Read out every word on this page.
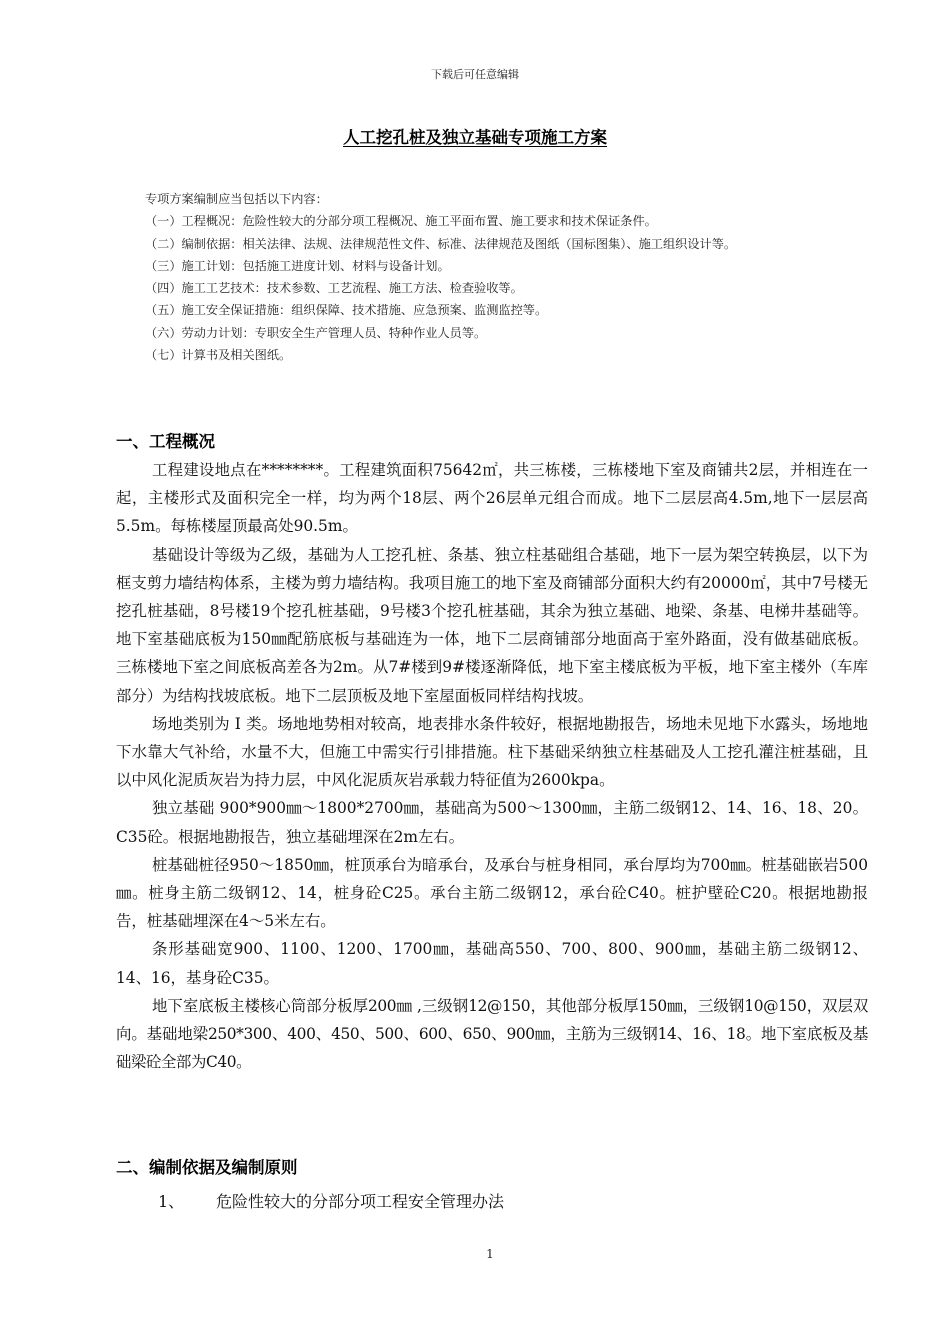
下载后可任意编辑
人工挖孔桩及独立基础专项施工方案
专项方案编制应当包括以下内容：
（一）工程概况：危险性较大的分部分项工程概况、施工平面布置、施工要求和技术保证条件。
（二）编制依据：相关法律、法规、法律规范性文件、标准、法律规范及图纸（国标图集）、施工组织设计等。
（三）施工计划：包括施工进度计划、材料与设备计划。
（四）施工工艺技术：技术参数、工艺流程、施工方法、检查验收等。
（五）施工安全保证措施：组织保障、技术措施、应急预案、监测监控等。
（六）劳动力计划：专职安全生产管理人员、特种作业人员等。
（七）计算书及相关图纸。
一、工程概况

工程建设地点在********。工程建筑面积75642㎡，共三栋楼，三栋楼地下室及商铺共2层，并相连在一起，主楼形式及面积完全一样，均为两个18层、两个26层单元组合而成。地下二层层高4.5m,地下一层层高5.5m。每栋楼屋顶最高处90.5m。

基础设计等级为乙级，基础为人工挖孔桩、条基、独立柱基础组合基础，地下一层为架空转换层，以下为框支剪力墙结构体系，主楼为剪力墙结构。我项目施工的地下室及商铺部分面积大约有20000㎡，其中7号楼无挖孔桩基础，8号楼19个挖孔桩基础，9号楼3个挖孔桩基础，其余为独立基础、地梁、条基、电梯井基础等。地下室基础底板为150㎜配筋底板与基础连为一体，地下二层商铺部分地面高于室外路面，没有做基础底板。三栋楼地下室之间底板高差各为2m。从7#楼到9#楼逐渐降低，地下室主楼底板为平板，地下室主楼外（车库部分）为结构找坡底板。地下二层顶板及地下室屋面板同样结构找坡。

场地类别为 Ⅰ 类。场地地势相对较高，地表排水条件较好，根据地勘报告，场地未见地下水露头，场地地下水靠大气补给，水量不大，但施工中需实行引排措施。柱下基础采纳独立柱基础及人工挖孔灌注桩基础，且以中风化泥质灰岩为持力层，中风化泥质灰岩承载力特征值为2600kpa。

独立基础 900*900㎜～1800*2700㎜，基础高为500～1300㎜，主筋二级钢12、14、16、18、20。C35砼。根据地勘报告，独立基础埋深在2m左右。

桩基础桩径950～1850㎜，桩顶承台为暗承台，及承台与桩身相同，承台厚均为700㎜。桩基础嵌岩500㎜。桩身主筋二级钢12、14，桩身砼C25。承台主筋二级钢12，承台砼C40。桩护壁砼C20。根据地勘报告，桩基础埋深在4～5米左右。

条形基础宽900、1100、1200、1700㎜，基础高550、700、800、900㎜，基础主筋二级钢12、14、16，基身砼C35。

地下室底板主楼核心筒部分板厚200㎜ ,三级钢12@150，其他部分板厚150㎜，三级钢10@150，双层双向。基础地梁250*300、400、450、500、600、650、900㎜，主筋为三级钢14、16、18。地下室底板及基础梁砼全部为C40。

二、编制依据及编制原则
1、 危险性较大的分部分项工程安全管理办法
1
